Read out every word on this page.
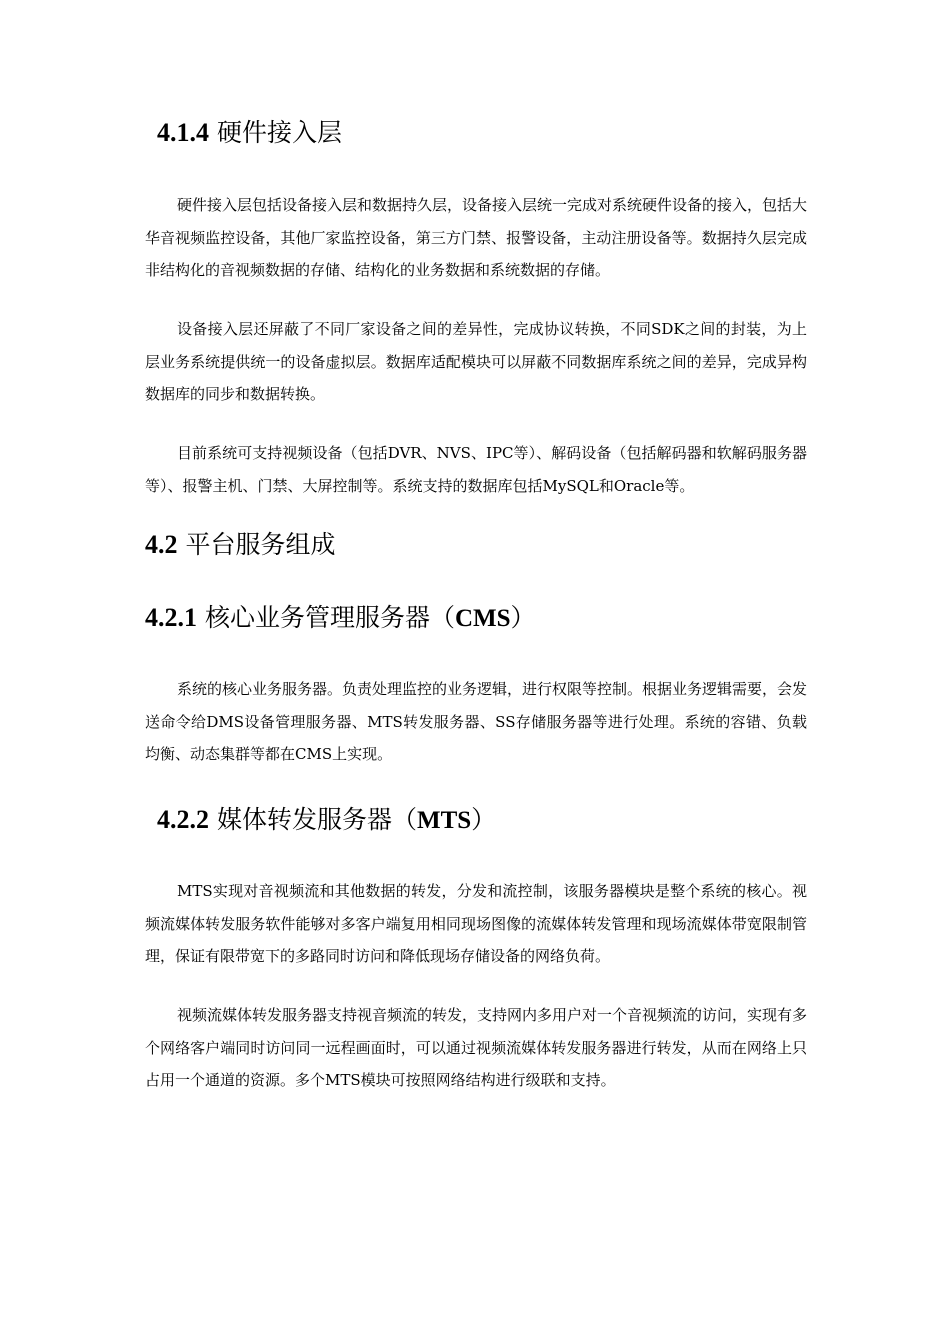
4.1.4 硬件接入层

硬件接入层包括设备接入层和数据持久层，设备接入层统一完成对系统硬件设备的接入，包括大华音视频监控设备，其他厂家监控设备，第三方门禁、报警设备，主动注册设备等。数据持久层完成非结构化的音视频数据的存储、结构化的业务数据和系统数据的存储。

设备接入层还屏蔽了不同厂家设备之间的差异性，完成协议转换，不同SDK之间的封装，为上层业务系统提供统一的设备虚拟层。数据库适配模块可以屏蔽不同数据库系统之间的差异，完成异构数据库的同步和数据转换。

目前系统可支持视频设备（包括DVR、NVS、IPC等）、解码设备（包括解码器和软解码服务器等）、报警主机、门禁、大屏控制等。系统支持的数据库包括MySQL和Oracle等。

4.2 平台服务组成
4.2.1 核心业务管理服务器（CMS）

系统的核心业务服务器。负责处理监控的业务逻辑，进行权限等控制。根据业务逻辑需要，会发送命令给DMS设备管理服务器、MTS转发服务器、SS存储服务器等进行处理。系统的容错、负载均衡、动态集群等都在CMS上实现。

4.2.2 媒体转发服务器（MTS）

MTS实现对音视频流和其他数据的转发，分发和流控制，该服务器模块是整个系统的核心。视频流媒体转发服务软件能够对多客户端复用相同现场图像的流媒体转发管理和现场流媒体带宽限制管理，保证有限带宽下的多路同时访问和降低现场存储设备的网络负荷。

视频流媒体转发服务器支持视音频流的转发，支持网内多用户对一个音视频流的访问，实现有多个网络客户端同时访问同一远程画面时，可以通过视频流媒体转发服务器进行转发，从而在网络上只占用一个通道的资源。多个MTS模块可按照网络结构进行级联和支持。
